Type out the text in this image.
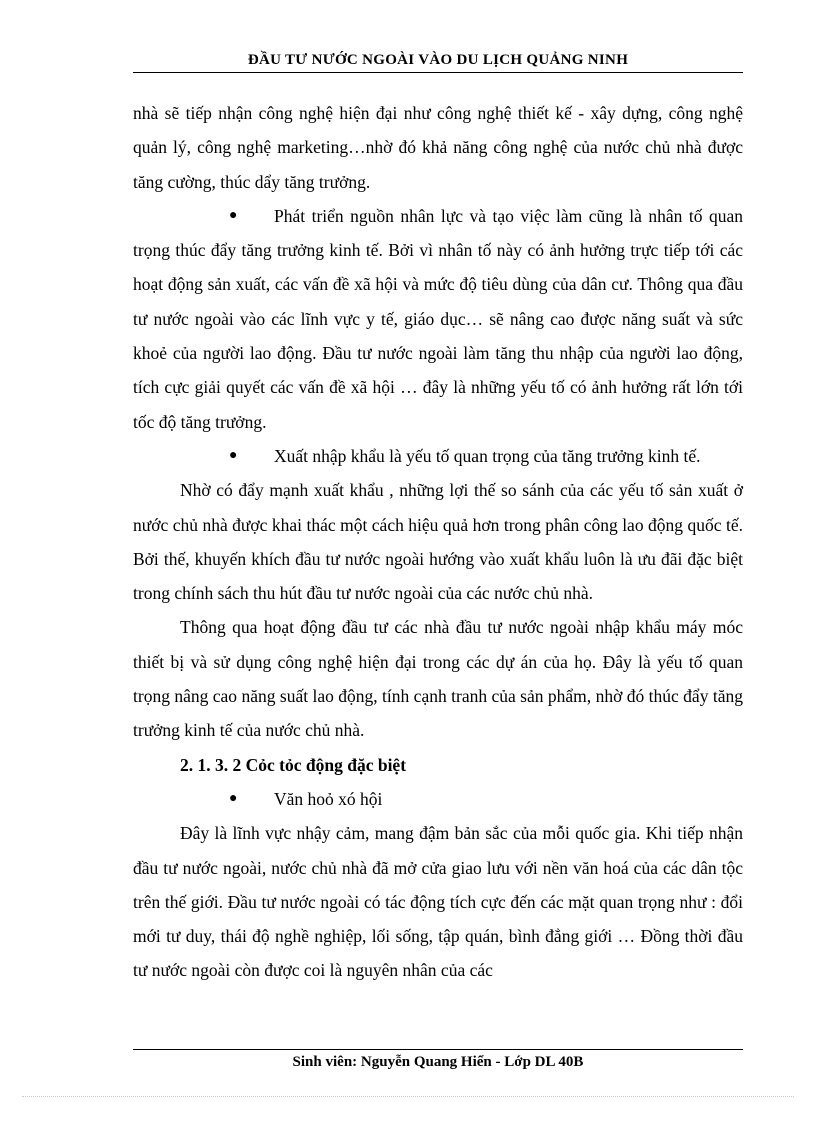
ĐẦU TƯ NƯỚC NGOÀI VÀO DU LỊCH QUẢNG NINH

nhà sẽ tiếp nhận công nghệ hiện đại như công nghệ thiết kế - xây dựng, công nghệ quản lý, công nghệ marketing…nhờ đó khả năng công nghệ của nước chủ nhà được tăng cường, thúc dẩy tăng trưởng.

●	Phát triển nguồn nhân lực và tạo việc làm cũng là nhân tố quan trọng thúc đẩy tăng trưởng kinh tế. Bởi vì nhân tố này có ảnh hưởng trực tiếp tới các hoạt động sản xuất, các vấn đề xã hội và mức độ tiêu dùng của dân cư. Thông qua đầu tư nước ngoài vào các lĩnh vực y tế, giáo dục… sẽ nâng cao được năng suất và sức khoẻ của người lao động. Đầu tư nước ngoài làm tăng thu nhập của người lao động, tích cực giải quyết các vấn đề xã hội … đây là những yếu tố có ảnh hưởng rất lớn tới tốc độ tăng trưởng.

●	Xuất nhập khẩu là yếu tố quan trọng của tăng trưởng kinh tế.

Nhờ có đẩy mạnh xuất khẩu , những lợi thế so sánh của các yếu tố sản xuất ở nước chủ nhà được khai thác một cách hiệu quả hơn trong phân công lao động quốc tế. Bởi thế, khuyến khích đầu tư nước ngoài hướng vào xuất khẩu luôn là ưu đãi đặc biệt trong chính sách thu hút đầu tư nước ngoài của các nước chủ nhà.

Thông qua hoạt động đầu tư các nhà đầu tư nước ngoài nhập khẩu máy móc thiết bị và sử dụng công nghệ hiện đại trong các dự án của họ. Đây là yếu tố quan trọng nâng cao năng suất lao động, tính cạnh tranh của sản phẩm, nhờ đó thúc đẩy tăng trưởng kinh tế của nước chủ nhà.

2. 1. 3. 2 Cỏc tỏc động đặc biệt

●	Văn hoỏ xó hội

Đây là lĩnh vực nhậy cảm, mang đậm bản sắc của mỗi quốc gia. Khi tiếp nhận đầu tư nước ngoài, nước chủ nhà đã mở cửa giao lưu với nền văn hoá của các dân tộc trên thế giới. Đầu tư nước ngoài có tác động tích cực đến các mặt quan trọng như : đổi mới tư duy, thái độ nghề nghiệp, lối sống, tập quán, bình đẳng giới … Đồng thời đầu tư nước ngoài còn được coi là nguyên nhân của các

Sinh viên: Nguyễn Quang Hiển - Lớp DL 40B
